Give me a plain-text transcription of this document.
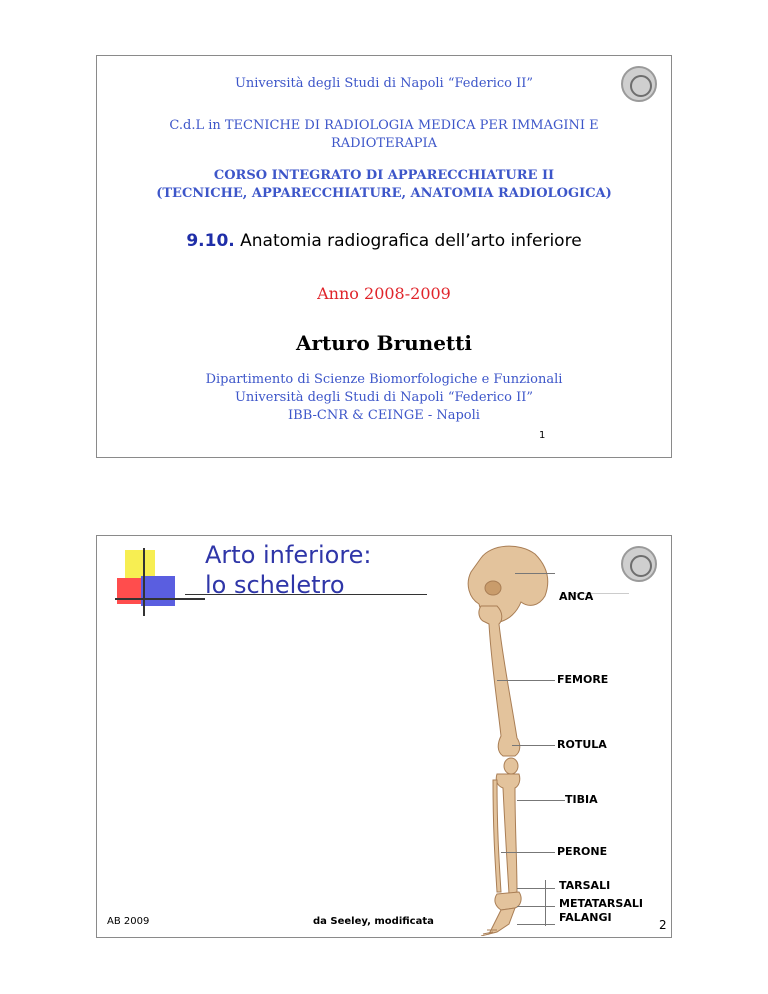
Università degli Studi di Napoli “Federico II”
C.d.L in TECNICHE DI RADIOLOGIA MEDICA PER IMMAGINI E
RADIOTERAPIA
CORSO INTEGRATO DI APPARECCHIATURE II
(TECNICHE, APPARECCHIATURE, ANATOMIA RADIOLOGICA)
9.10. Anatomia radiografica dell’arto inferiore
Anno 2008-2009
Arturo Brunetti
Dipartimento di Scienze Biomorfologiche e Funzionali
Università degli Studi di Napoli “Federico II”
IBB-CNR & CEINGE - Napoli
1
Arto inferiore:
lo scheletro	ANCA
FEMORE
ROTULA
TIBIA
PERONE
TARSALI
METATARSALI
FALANGI
AB 2009	da Seeley, modificata	2
